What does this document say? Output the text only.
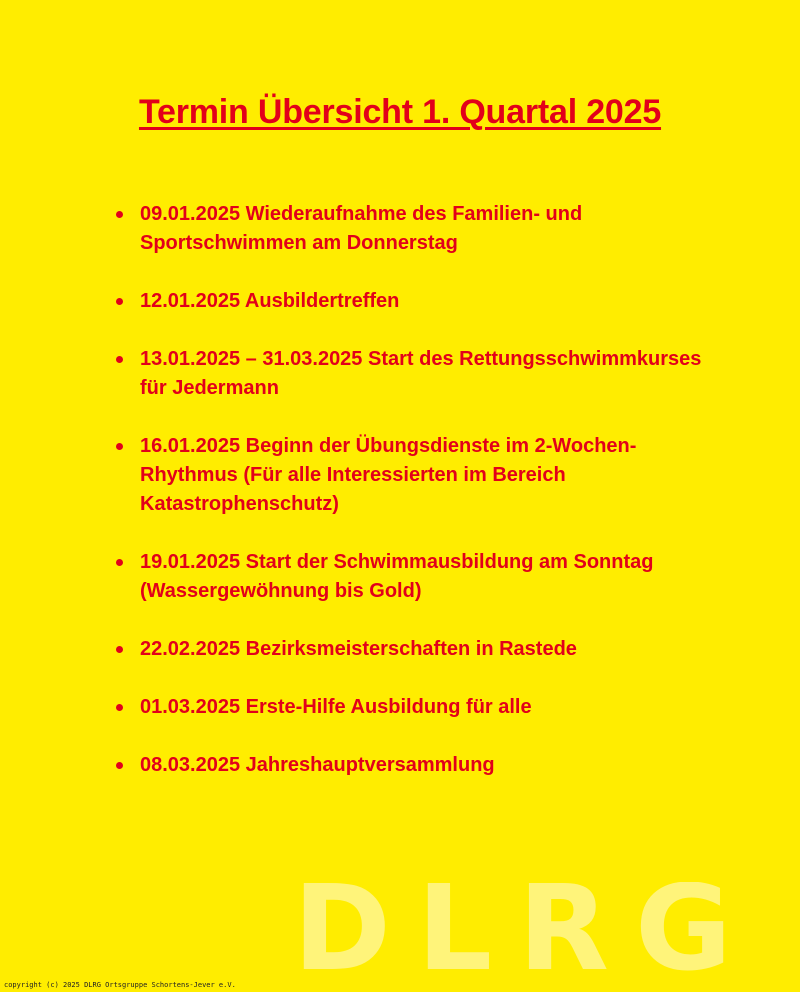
Termin Übersicht 1. Quartal 2025
09.01.2025 Wiederaufnahme des Familien- und Sportschwimmen am Donnerstag
12.01.2025 Ausbildertreffen
13.01.2025 – 31.03.2025 Start des Rettungsschwimmkurses für Jedermann
16.01.2025 Beginn der Übungsdienste im 2-Wochen-Rhythmus (Für alle Interessierten im Bereich Katastrophenschutz)
19.01.2025 Start der Schwimmausbildung am Sonntag (Wassergewöhnung bis Gold)
22.02.2025 Bezirksmeisterschaften in Rastede
01.03.2025 Erste-Hilfe Ausbildung für alle
08.03.2025 Jahreshauptversammlung
DLRG
copyright (c) 2025 DLRG Ortsgruppe Schortens-Jever e.V.
